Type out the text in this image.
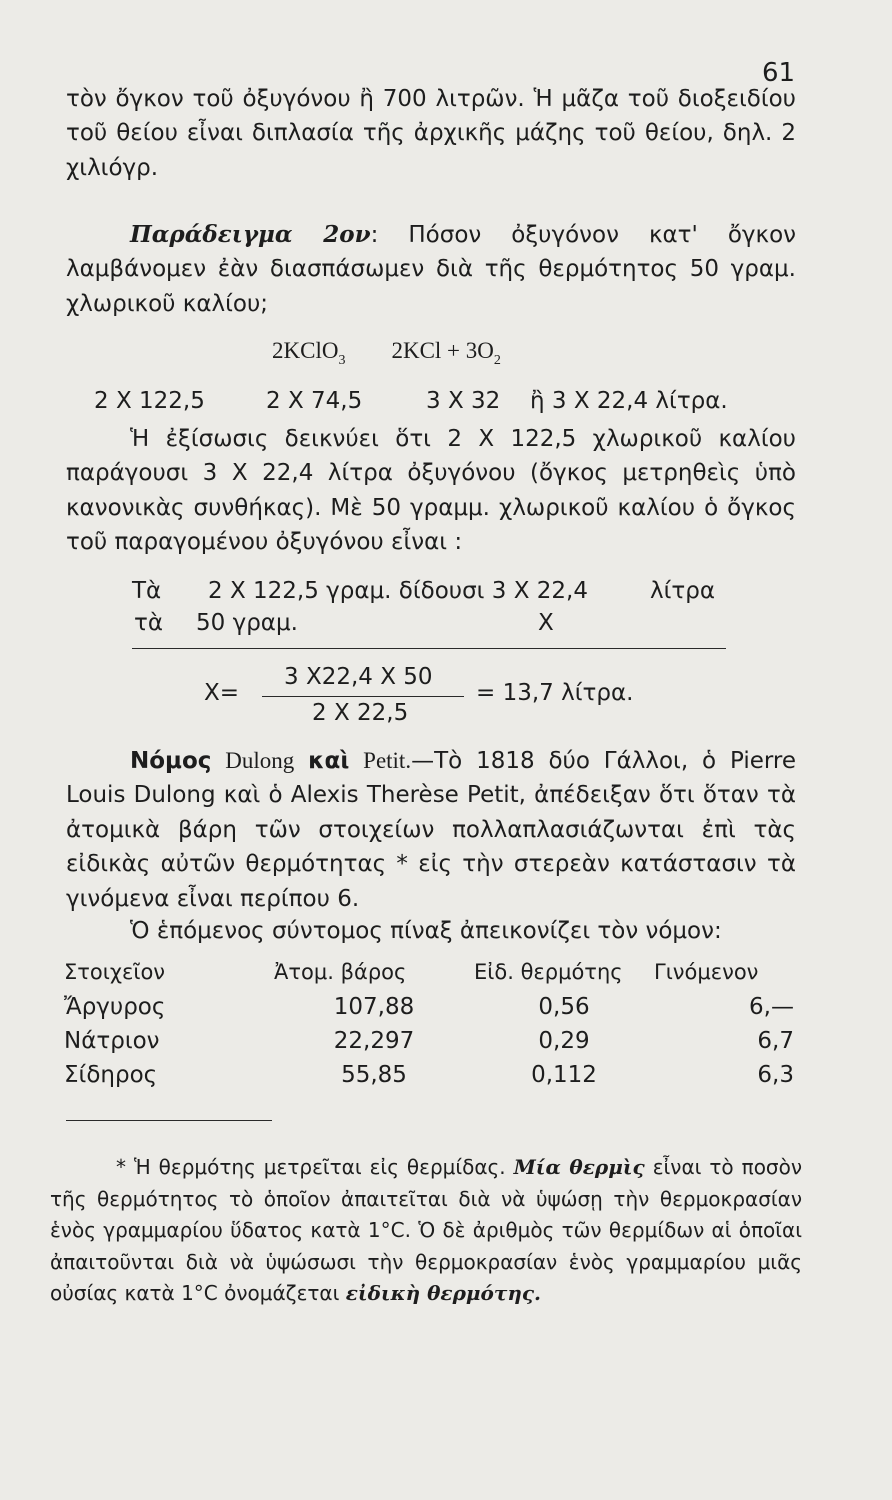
61

τὸν ὄγκον τοῦ ὀξυγόνου ἢ 700 λιτρῶν. Ἡ μᾶζα τοῦ διοξειδίου τοῦ θείου εἶναι διπλασία τῆς ἀρχικῆς μάζης τοῦ θείου, δηλ. 2 χιλιόγρ.

Παράδειγμα 2ον: Πόσον ὀξυγόνον κατ' ὄγκον λαμβάνομεν ἐὰν διασπάσωμεν διὰ τῆς θερμότητος 50 γραμ. χλωρικοῦ καλίου;

2KClO$_3$ $2KCl + 3O_2$
2 X 122,5	2 X 74,5	3 X 32 ἢ 3 X 22,4 λίτρα.

Ἡ ἐξίσωσις δεικνύει ὅτι 2 X 122,5 χλωρικοῦ καλίου παράγουσι 3 X 22,4 λίτρα ὀξυγόνου (ὄγκος μετρηθεὶς ὑπὸ κανονικὰς συνθήκας). Μὲ 50 γραμμ. χλωρικοῦ καλίου ὁ ὄγκος τοῦ παραγομένου ὀξυγόνου εἶναι :

Τὰ 2 X 122,5 γραμ. δίδουσι 3 X 22,4	λίτρα
τὰ 50 γραμ.	X
X=
3 X22,4 X 50
2 X 22,5
= 13,7 λίτρα.

Νόμος Dulong καὶ Petit.—Τὸ 1818 δύο Γάλλοι, ὁ Pierre Louis Dulong καὶ ὁ Alexis Therèse Petit, ἀπέδειξαν ὅτι ὅταν τὰ ἀτομικὰ βάρη τῶν στοιχείων πολλαπλασιάζωνται ἐπὶ τὰς εἰδικὰς αὐτῶν θερμότητας * εἰς τὴν στερεὰν κατάστασιν τὰ γινόμενα εἶναι περίπου 6.

Ὁ ἑπόμενος σύντομος πίναξ ἀπεικονίζει τὸν νόμον:

Στοιχεῖον	Ἀτομ. βάρος	Εἰδ. θερμότης	Γινόμενον
Ἄργυρος	107,88	0,56	6,—
Νάτριον	22,297	0,29	6,7
Σίδηρος	55,85	0,112	6,3

* Ἡ θερμότης μετρεῖται εἰς θερμίδας. Μία θερμὶς εἶναι τὸ ποσὸν τῆς θερμότητος τὸ ὁποῖον ἀπαιτεῖται διὰ νὰ ὑψώσῃ τὴν θερμοκρασίαν ἑνὸς γραμμαρίου ὕδατος κατὰ 1°C. Ὁ δὲ ἀριθμὸς τῶν θερμίδων αἱ ὁποῖαι ἀπαιτοῦνται διὰ νὰ ὑψώσωσι τὴν θερμοκρασίαν ἑνὸς γραμμαρίου μιᾶς οὐσίας κατὰ 1°C ὀνομάζεται εἰδικὴ θερμότης.
